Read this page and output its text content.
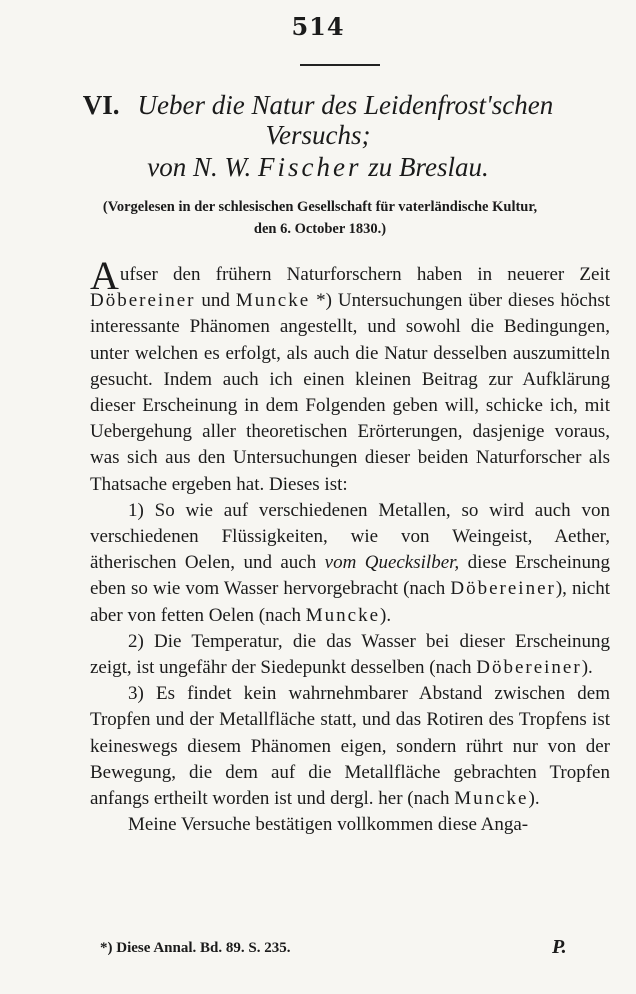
514
VI. Ueber die Natur des Leidenfrost'schen
Versuchs;
von N. W. Fischer zu Breslau.
(Vorgelesen in der schlesischen Gesellschaft für vaterländische Kultur,
den 6. October 1830.)

Aufser den frühern Naturforschern haben in neuerer Zeit Döbereiner und Muncke *) Untersuchungen über dieses höchst interessante Phänomen angestellt, und sowohl die Bedingungen, unter welchen es erfolgt, als auch die Natur desselben auszumitteln gesucht. Indem auch ich einen kleinen Beitrag zur Aufklärung dieser Erscheinung in dem Folgenden geben will, schicke ich, mit Uebergehung aller theoretischen Erörterungen, dasjenige voraus, was sich aus den Untersuchungen dieser beiden Naturforscher als Thatsache ergeben hat. Dieses ist:

1) So wie auf verschiedenen Metallen, so wird auch von verschiedenen Flüssigkeiten, wie von Weingeist, Aether, ätherischen Oelen, und auch vom Quecksilber, diese Erscheinung eben so wie vom Wasser hervorgebracht (nach Döbereiner), nicht aber von fetten Oelen (nach Muncke).

2) Die Temperatur, die das Wasser bei dieser Erscheinung zeigt, ist ungefähr der Siedepunkt desselben (nach Döbereiner).

3) Es findet kein wahrnehmbarer Abstand zwischen dem Tropfen und der Metallfläche statt, und das Rotiren des Tropfens ist keineswegs diesem Phänomen eigen, sondern rührt nur von der Bewegung, die dem auf die Metallfläche gebrachten Tropfen anfangs ertheilt worden ist und dergl. her (nach Muncke).

Meine Versuche bestätigen vollkommen diese Anga-

*) Diese Annal. Bd. 89. S. 235.	P.
